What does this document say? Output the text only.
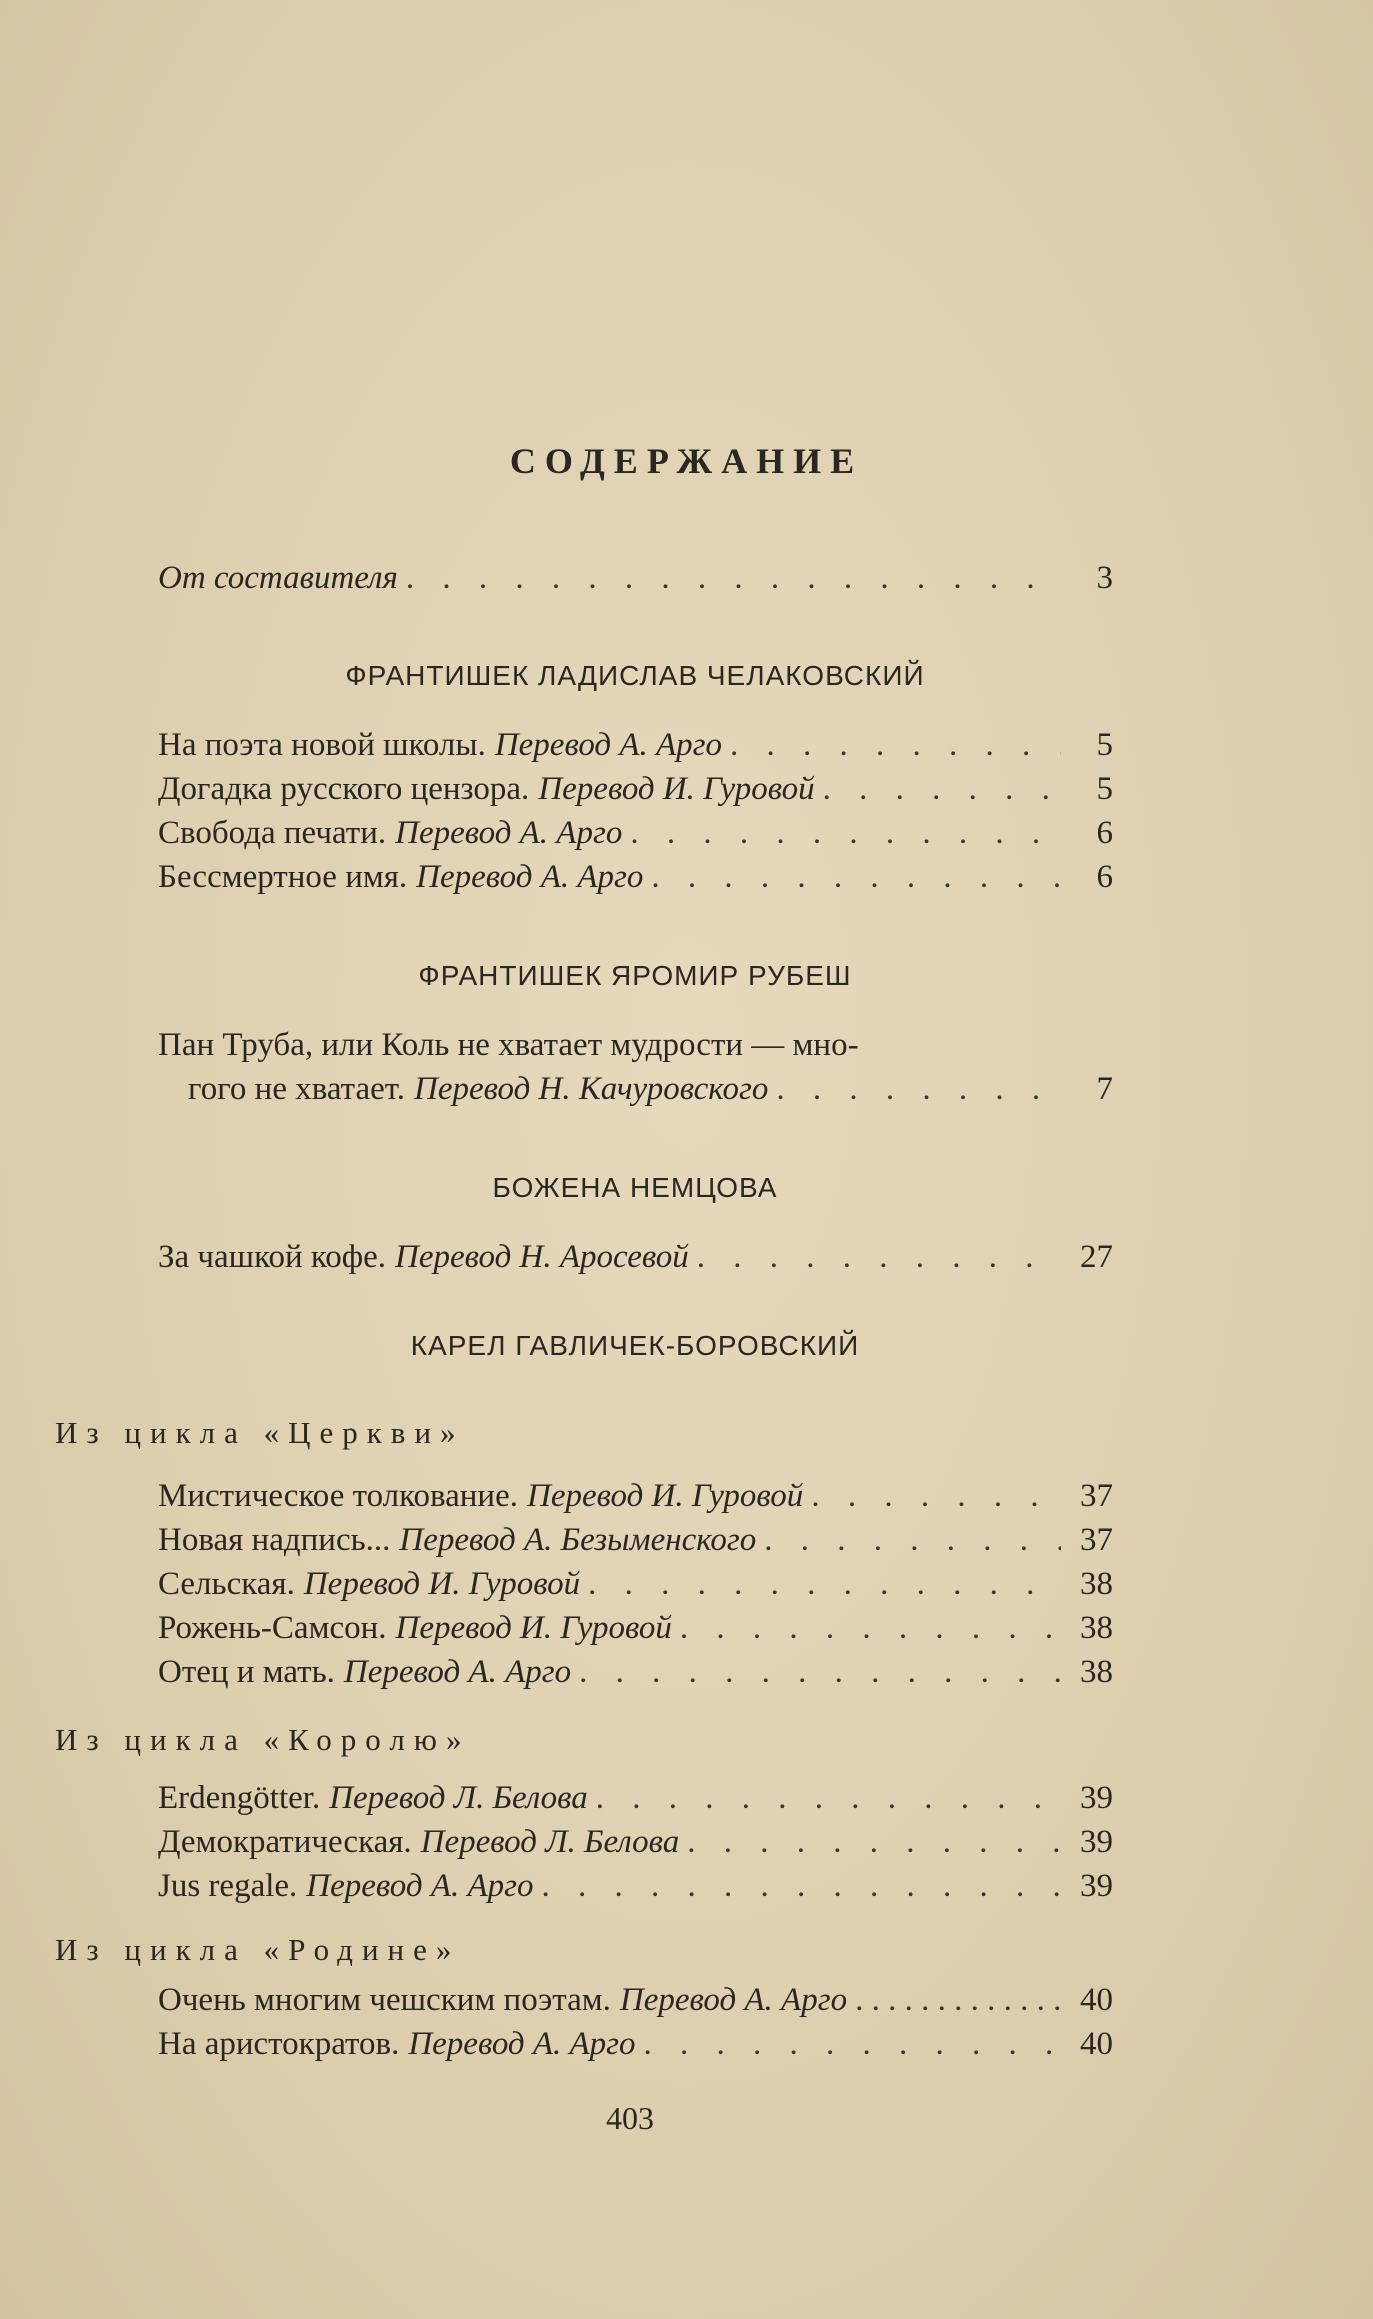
СОДЕРЖАНИЕ
От составителя . . .	3
ФРАНТИШЕК ЛАДИСЛАВ ЧЕЛАКОВСКИЙ
На поэта новой школы. Перевод А. Арго . . .	5
Догадка русского цензора. Перевод И. Гуровой . . .	5
Свобода печати. Перевод А. Арго . . .	6
Бессмертное имя. Перевод А. Арго . . .	6
ФРАНТИШЕК ЯРОМИР РУБЕШ
Пан Труба, или Коль не хватает мудрости — мно-
гого не хватает. Перевод Н. Качуровского . . .	7
БОЖЕНА НЕМЦОВА
За чашкой кофе. Перевод Н. Аросевой . . .	27
КАРЕЛ ГАВЛИЧЕК-БОРОВСКИЙ
Из цикла «Церкви»
Мистическое толкование. Перевод И. Гуровой . . .	37
Новая надпись... Перевод А. Безыменского . . .	37
Сельская. Перевод И. Гуровой . . .	38
Рожень-Самсон. Перевод И. Гуровой . . .	38
Отец и мать. Перевод А. Арго . . .	38
Из цикла «Королю»
Erdengötter. Перевод Л. Белова . . .	39
Демократическая. Перевод Л. Белова . . .	39
Jus regale. Перевод А. Арго . . .	39
Из цикла «Родине»
Очень многим чешским поэтам. Перевод А. Арго . . .	40
На аристократов. Перевод А. Арго . . .	40
403
